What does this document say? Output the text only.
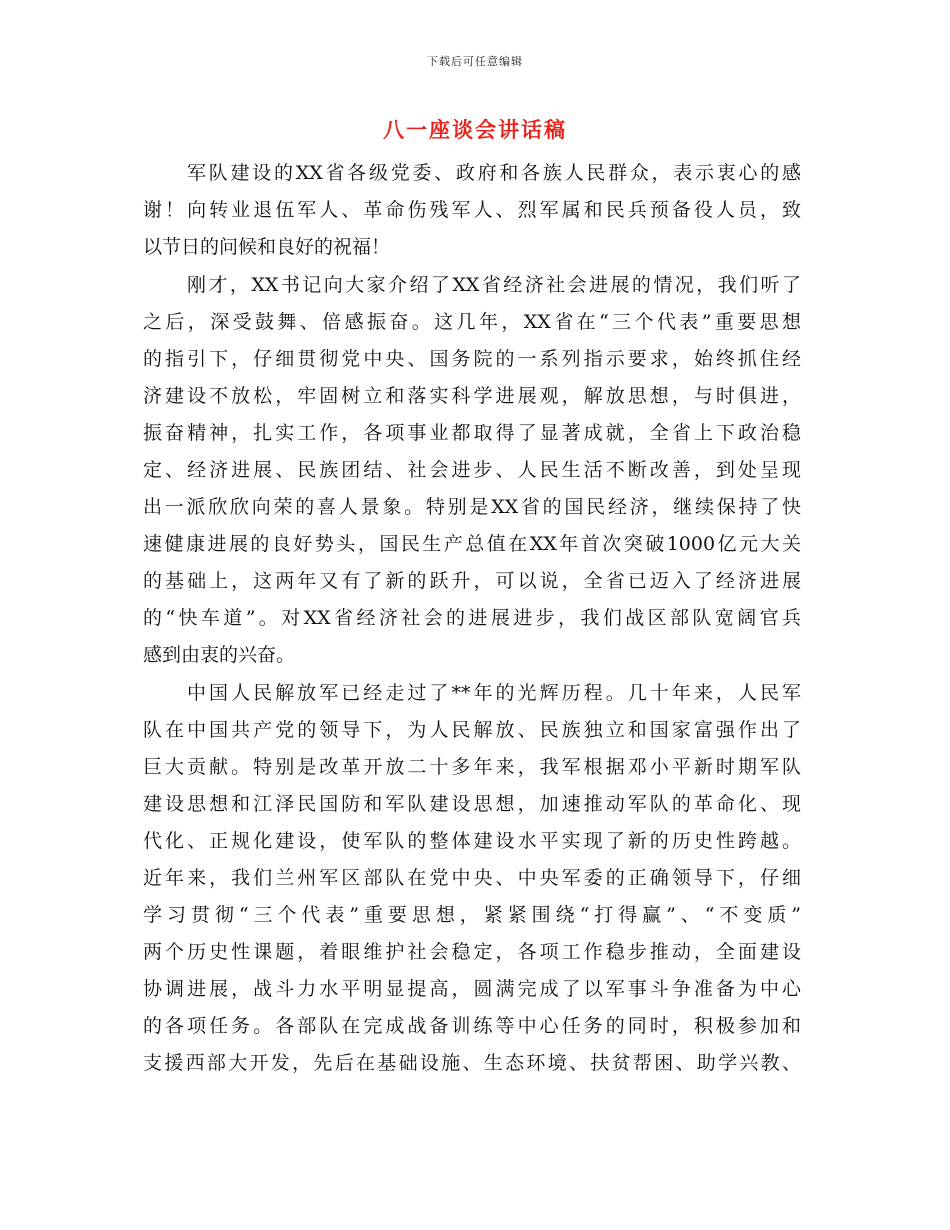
下载后可任意编辑
八一座谈会讲话稿
军队建设的XX省各级党委、政府和各族人民群众，表示衷心的感
谢！向转业退伍军人、革命伤残军人、烈军属和民兵预备役人员，致
以节日的问候和良好的祝福！
刚才，XX书记向大家介绍了XX省经济社会进展的情况，我们听了
之后，深受鼓舞、倍感振奋。这几年，XX省在“三个代表”重要思想
的指引下，仔细贯彻党中央、国务院的一系列指示要求，始终抓住经
济建设不放松，牢固树立和落实科学进展观，解放思想，与时俱进，
振奋精神，扎实工作，各项事业都取得了显著成就，全省上下政治稳
定、经济进展、民族团结、社会进步、人民生活不断改善，到处呈现
出一派欣欣向荣的喜人景象。特别是XX省的国民经济，继续保持了快
速健康进展的良好势头，国民生产总值在XX年首次突破1000亿元大关
的基础上，这两年又有了新的跃升，可以说，全省已迈入了经济进展
的“快车道”。对XX省经济社会的进展进步，我们战区部队宽阔官兵
感到由衷的兴奋。
中国人民解放军已经走过了**年的光辉历程。几十年来，人民军
队在中国共产党的领导下，为人民解放、民族独立和国家富强作出了
巨大贡献。特别是改革开放二十多年来，我军根据邓小平新时期军队
建设思想和江泽民国防和军队建设思想，加速推动军队的革命化、现
代化、正规化建设，使军队的整体建设水平实现了新的历史性跨越。
近年来，我们兰州军区部队在党中央、中央军委的正确领导下，仔细
学习贯彻“三个代表”重要思想，紧紧围绕“打得赢”、“不变质”
两个历史性课题，着眼维护社会稳定，各项工作稳步推动，全面建设
协调进展，战斗力水平明显提高，圆满完成了以军事斗争准备为中心
的各项任务。各部队在完成战备训练等中心任务的同时，积极参加和
支援西部大开发，先后在基础设施、生态环境、扶贫帮困、助学兴教、
